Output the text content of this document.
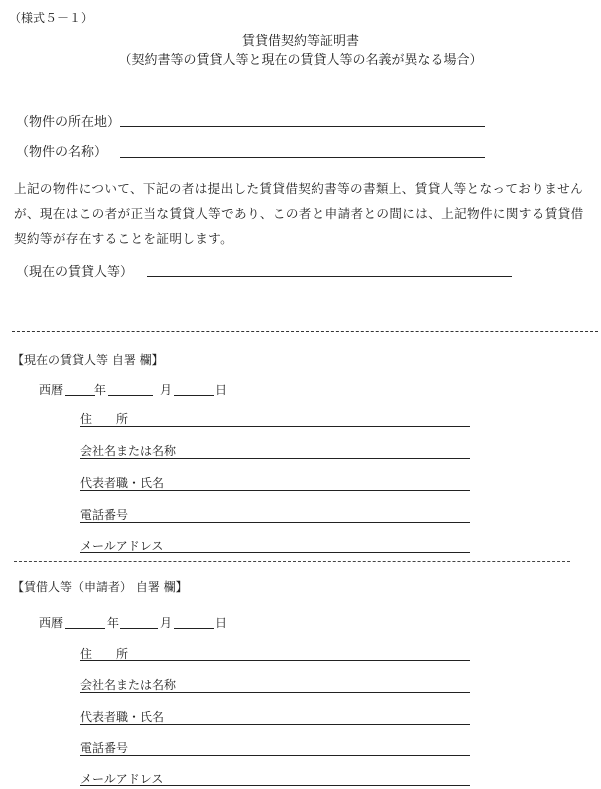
（様式５－１）
賃貸借契約等証明書
（契約書等の賃貸人等と現在の賃貸人等の名義が異なる場合）
（物件の所在地）
（物件の名称）
上記の物件について、下記の者は提出した賃貸借契約書等の書類上、賃貸人等となっておりませんが、現在はこの者が正当な賃貸人等であり、この者と申請者との間には、上記物件に関する賃貸借契約等が存在することを証明します。
（現在の賃貸人等）
【現在の賃貸人等 自署 欄】
西暦	年	月	日
住　　所
会社名または名称
代表者職・氏名
電話番号
メールアドレス
【賃借人等（申請者） 自署 欄】
西暦	年	月	日
住　　所
会社名または名称
代表者職・氏名
電話番号
メールアドレス
